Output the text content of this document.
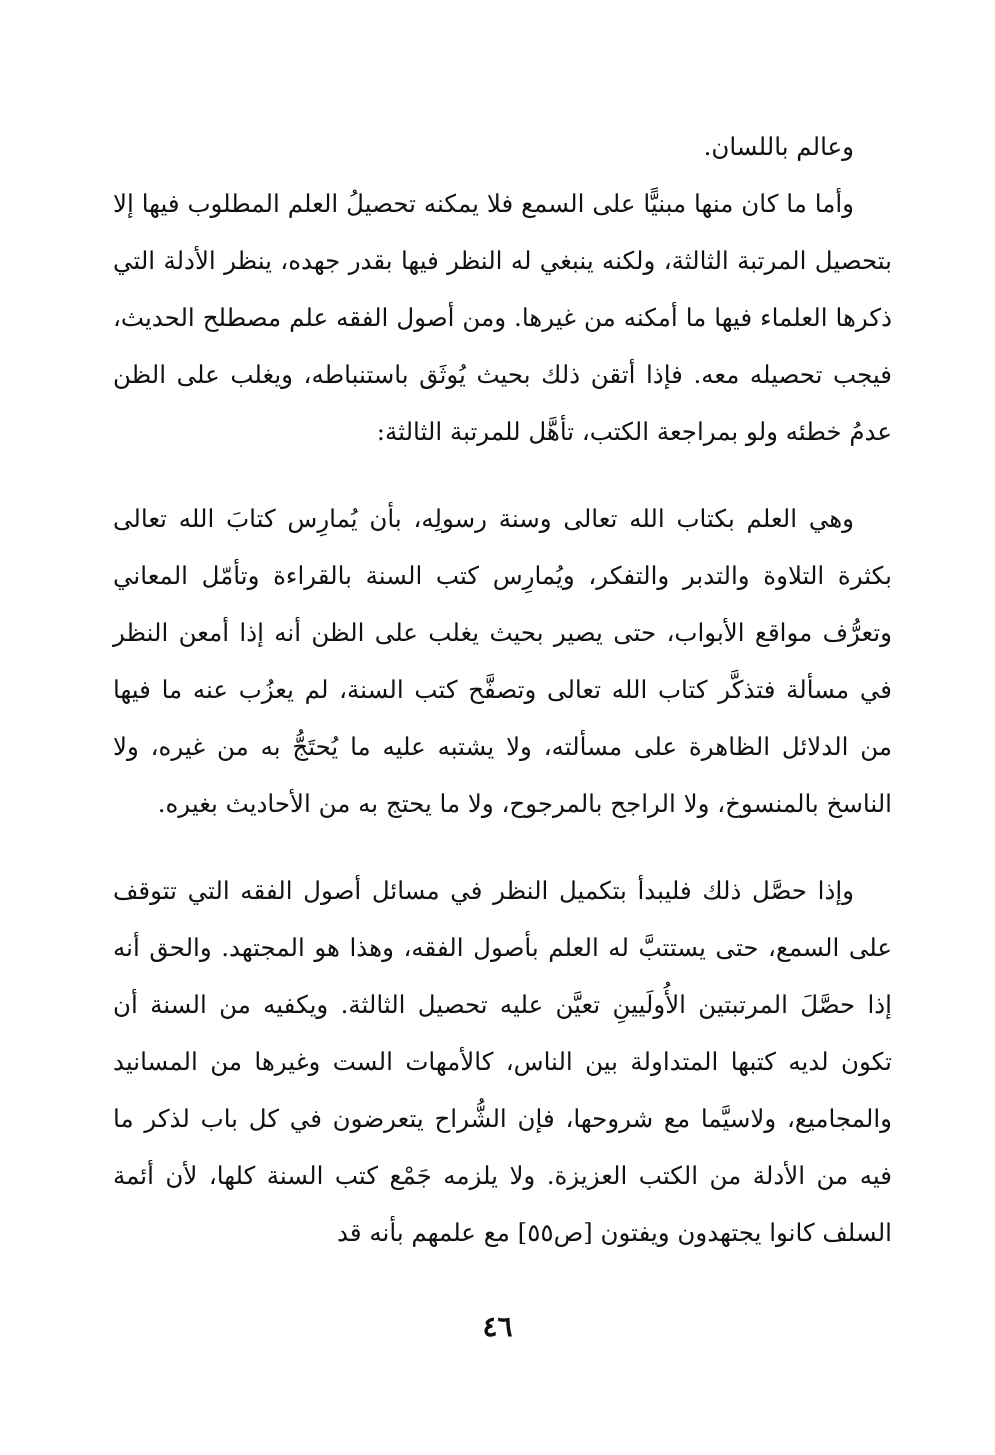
وعالم باللسان.

وأما ما كان منها مبنيًّا على السمع فلا يمكنه تحصيلُ العلم المطلوب فيها إلا بتحصيل المرتبة الثالثة، ولكنه ينبغي له النظر فيها بقدر جهده، ينظر الأدلة التي ذكرها العلماء فيها ما أمكنه من غيرها. ومن أصول الفقه علم مصطلح الحديث، فيجب تحصيله معه. فإذا أتقن ذلك بحيث يُوثَق باستنباطه، ويغلب على الظن عدمُ خطئه ولو بمراجعة الكتب، تأهَّل للمرتبة الثالثة:

وهي العلم بكتاب الله تعالى وسنة رسولِه، بأن يُمارِس كتابَ الله تعالى بكثرة التلاوة والتدبر والتفكر، ويُمارِس كتب السنة بالقراءة وتأمّل المعاني وتعرُّف مواقع الأبواب، حتى يصير بحيث يغلب على الظن أنه إذا أمعن النظر في مسألة فتذكَّر كتاب الله تعالى وتصفَّح كتب السنة، لم يعزُب عنه ما فيها من الدلائل الظاهرة على مسألته، ولا يشتبه عليه ما يُحتَجُّ به من غيره، ولا الناسخ بالمنسوخ، ولا الراجح بالمرجوح، ولا ما يحتج به من الأحاديث بغيره.

وإذا حصَّل ذلك فليبدأ بتكميل النظر في مسائل أصول الفقه التي تتوقف على السمع، حتى يستتبَّ له العلم بأصول الفقه، وهذا هو المجتهد. والحق أنه إذا حصَّلَ المرتبتين الأُولَيينِ تعيَّن عليه تحصيل الثالثة. ويكفيه من السنة أن تكون لديه كتبها المتداولة بين الناس، كالأمهات الست وغيرها من المسانيد والمجاميع، ولاسيَّما مع شروحها، فإن الشُّراح يتعرضون في كل باب لذكر ما فيه من الأدلة من الكتب العزيزة. ولا يلزمه جَمْع كتب السنة كلها، لأن أئمة السلف كانوا يجتهدون ويفتون [ص٥٥] مع علمهم بأنه قد

٤٦
